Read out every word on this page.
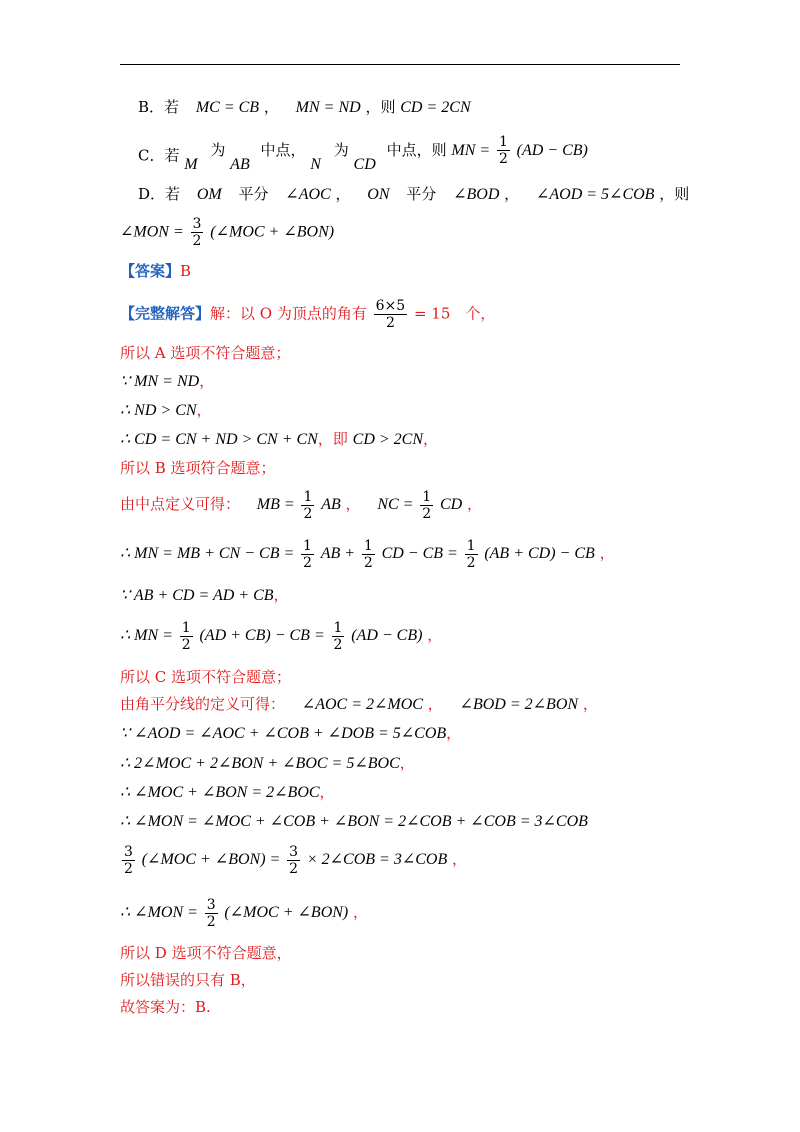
B．若 MC = CB ， MN = ND ，则 CD = 2CN
C．若 M 为 AB 中点， N 为 CD 中点，则 MN = $\frac{1}{2} (AD - CB)$
D．若 OM 平分 ∠AOC ， ON 平分 ∠BOD ， ∠AOD = 5∠COB ，则
∠MON = $\frac{3}{2}$ (∠MOC + ∠BON)
【答案】B
【完整解答】解：以 O 为顶点的角有 $\frac{6\times 5}{2} = 15$　个，
所以 A 选项不符合题意；
∵ MN = ND，
∴ ND > CN，
∴ CD = CN + ND > CN + CN，即 CD > 2CN，
所以 B 选项符合题意；
由中点定义可得： MB = $\frac{1}{2}$ AB ， NC = $\frac{1}{2}$ CD ，
∴ MN = MB + CN − CB = $\frac{1}{2}$ AB + $\frac{1}{2}$ CD − CB = $\frac{1}{2} (AB + CD)$ − CB ，
∵ AB + CD = AD + CB，
∴ MN = $\frac{1}{2} (AD + CB)$ − CB = $\frac{1}{2} (AD - CB)$ ，
所以 C 选项不符合题意；
由角平分线的定义可得： ∠AOC = 2∠MOC ， ∠BOD = 2∠BON ，
∵ ∠AOD = ∠AOC + ∠COB + ∠DOB = 5∠COB，
∴ 2∠MOC + 2∠BON + ∠BOC = 5∠BOC，
∴ ∠MOC + ∠BON = 2∠BOC，
∴ ∠MON = ∠MOC + ∠COB + ∠BON = 2∠COB + ∠COB = 3∠COB
$\frac{3}{2}$ (∠MOC + ∠BON) = $\frac{3}{2}$ × 2∠COB = 3∠COB ，
∴ ∠MON = $\frac{3}{2}$ (∠MOC + ∠BON) ，
所以 D 选项不符合题意，
所以错误的只有 B，
故答案为：B.
